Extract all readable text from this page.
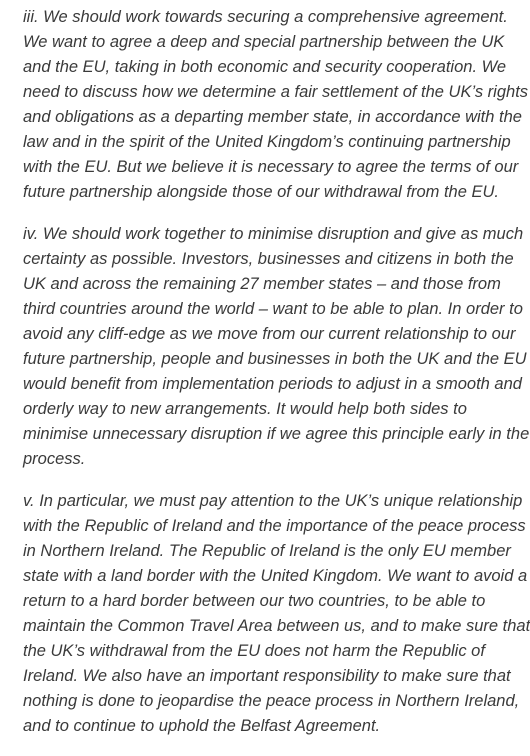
iii. We should work towards securing a comprehensive agreement.
We want to agree a deep and special partnership between the UK
and the EU, taking in both economic and security cooperation. We
need to discuss how we determine a fair settlement of the UK’s rights
and obligations as a departing member state, in accordance with the
law and in the spirit of the United Kingdom’s continuing partnership
with the EU. But we believe it is necessary to agree the terms of our
future partnership alongside those of our withdrawal from the EU.

iv. We should work together to minimise disruption and give as much
certainty as possible. Investors, businesses and citizens in both the
UK and across the remaining 27 member states – and those from
third countries around the world – want to be able to plan. In order to
avoid any cliff-edge as we move from our current relationship to our
future partnership, people and businesses in both the UK and the EU
would benefit from implementation periods to adjust in a smooth and
orderly way to new arrangements. It would help both sides to
minimise unnecessary disruption if we agree this principle early in the
process.

v. In particular, we must pay attention to the UK’s unique relationship
with the Republic of Ireland and the importance of the peace process
in Northern Ireland. The Republic of Ireland is the only EU member
state with a land border with the United Kingdom. We want to avoid a
return to a hard border between our two countries, to be able to
maintain the Common Travel Area between us, and to make sure that
the UK’s withdrawal from the EU does not harm the Republic of
Ireland. We also have an important responsibility to make sure that
nothing is done to jeopardise the peace process in Northern Ireland,
and to continue to uphold the Belfast Agreement.
